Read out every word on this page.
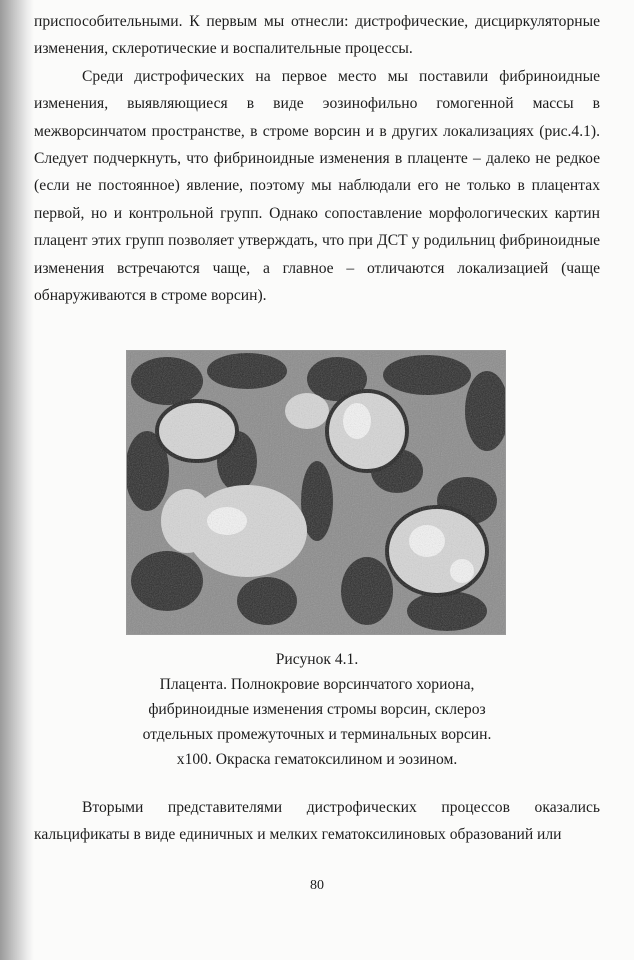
приспособительными. К первым мы отнесли: дистрофические, дисциркуляторные изменения, склеротические и воспалительные процессы.

Среди дистрофических на первое место мы поставили фибриноидные изменения, выявляющиеся в виде эозинофильно гомогенной массы в межворсинчатом пространстве, в строме ворсин и в других локализациях (рис.4.1). Следует подчеркнуть, что фибриноидные изменения в плаценте – далеко не редкое (если не постоянное) явление, поэтому мы наблюдали его не только в плацентах первой, но и контрольной групп. Однако сопоставление морфологических картин плацент этих групп позволяет утверждать, что при ДСТ у родильниц фибриноидные изменения встречаются чаще, а главное – отличаются локализацией (чаще обнаруживаются в строме ворсин).

Рисунок 4.1.
Плацента. Полнокровие ворсинчатого хориона,
фибриноидные изменения стромы ворсин, склероз
отдельных промежуточных и терминальных ворсин.
x100. Окраска гематоксилином и эозином.

Вторыми представителями дистрофических процессов оказались кальцификаты в виде единичных и мелких гематоксилиновых образований или

80
